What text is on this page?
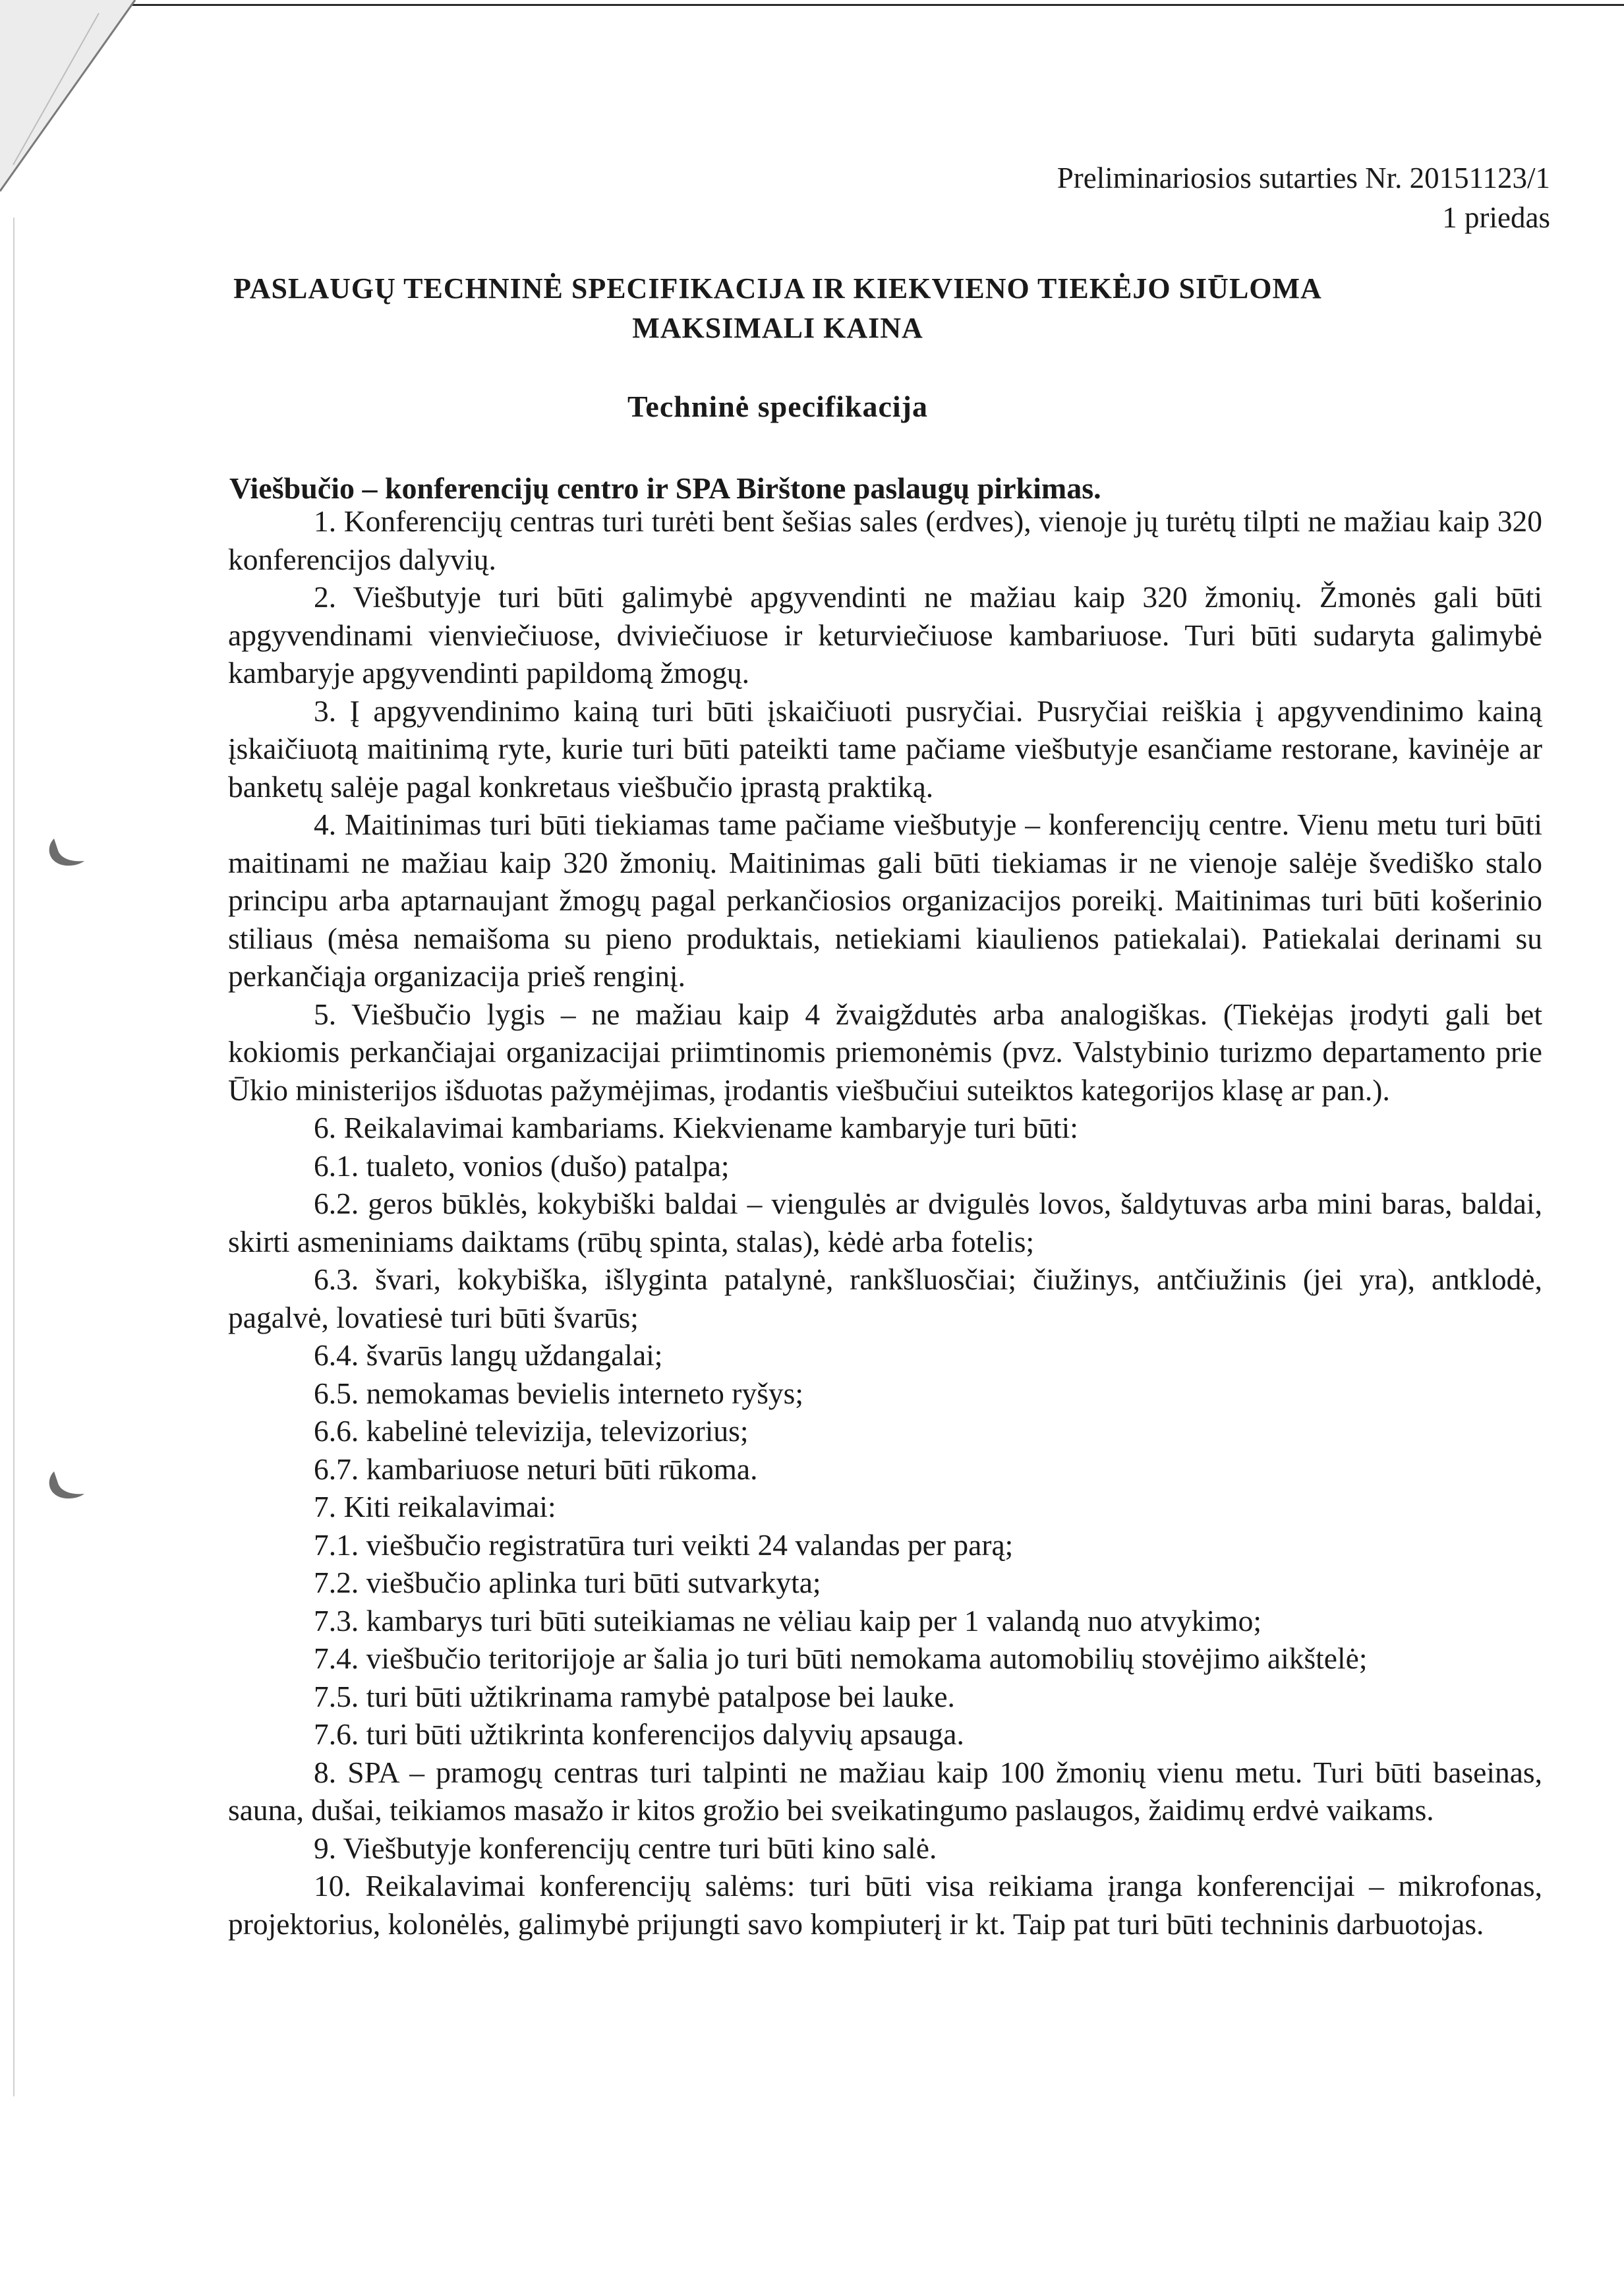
Preliminariosios sutarties Nr. 20151123/1
1 priedas
PASLAUGŲ TECHNINĖ SPECIFIKACIJA IR KIEKVIENO TIEKĖJO SIŪLOMA
MAKSIMALI KAINA
Techninė specifikacija
Viešbučio – konferencijų centro ir SPA Birštone paslaugų pirkimas.

1. Konferencijų centras turi turėti bent šešias sales (erdves), vienoje jų turėtų tilpti ne mažiau kaip 320 konferencijos dalyvių.

2. Viešbutyje turi būti galimybė apgyvendinti ne mažiau kaip 320 žmonių. Žmonės gali būti apgyvendinami vienviečiuose, dviviečiuose ir keturviečiuose kambariuose. Turi būti sudaryta galimybė kambaryje apgyvendinti papildomą žmogų.

3. Į apgyvendinimo kainą turi būti įskaičiuoti pusryčiai. Pusryčiai reiškia į apgyvendinimo kainą įskaičiuotą maitinimą ryte, kurie turi būti pateikti tame pačiame viešbutyje esančiame restorane, kavinėje ar banketų salėje pagal konkretaus viešbučio įprastą praktiką.

4. Maitinimas turi būti tiekiamas tame pačiame viešbutyje – konferencijų centre. Vienu metu turi būti maitinami ne mažiau kaip 320 žmonių. Maitinimas gali būti tiekiamas ir ne vienoje salėje švediško stalo principu arba aptarnaujant žmogų pagal perkančiosios organizacijos poreikį. Maitinimas turi būti košerinio stiliaus (mėsa nemaišoma su pieno produktais, netiekiami kiaulienos patiekalai). Patiekalai derinami su perkančiąja organizacija prieš renginį.

5. Viešbučio lygis – ne mažiau kaip 4 žvaigždutės arba analogiškas. (Tiekėjas įrodyti gali bet kokiomis perkančiajai organizacijai priimtinomis priemonėmis (pvz. Valstybinio turizmo departamento prie Ūkio ministerijos išduotas pažymėjimas, įrodantis viešbučiui suteiktos kategorijos klasę ar pan.).

6. Reikalavimai kambariams. Kiekviename kambaryje turi būti:

6.1. tualeto, vonios (dušo) patalpa;

6.2. geros būklės, kokybiški baldai – viengulės ar dvigulės lovos, šaldytuvas arba mini baras, baldai, skirti asmeniniams daiktams (rūbų spinta, stalas), kėdė arba fotelis;

6.3. švari, kokybiška, išlyginta patalynė, rankšluosčiai; čiužinys, antčiužinis (jei yra), antklodė, pagalvė, lovatiesė turi būti švarūs;

6.4. švarūs langų uždangalai;

6.5. nemokamas bevielis interneto ryšys;

6.6. kabelinė televizija, televizorius;

6.7. kambariuose neturi būti rūkoma.

7. Kiti reikalavimai:

7.1. viešbučio registratūra turi veikti 24 valandas per parą;

7.2. viešbučio aplinka turi būti sutvarkyta;

7.3. kambarys turi būti suteikiamas ne vėliau kaip per 1 valandą nuo atvykimo;

7.4. viešbučio teritorijoje ar šalia jo turi būti nemokama automobilių stovėjimo aikštelė;

7.5. turi būti užtikrinama ramybė patalpose bei lauke.

7.6. turi būti užtikrinta konferencijos dalyvių apsauga.

8. SPA – pramogų centras turi talpinti ne mažiau kaip 100 žmonių vienu metu. Turi būti baseinas, sauna, dušai, teikiamos masažo ir kitos grožio bei sveikatingumo paslaugos, žaidimų erdvė vaikams.

9. Viešbutyje konferencijų centre turi būti kino salė.

10. Reikalavimai konferencijų salėms: turi būti visa reikiama įranga konferencijai – mikrofonas, projektorius, kolonėlės, galimybė prijungti savo kompiuterį ir kt. Taip pat turi būti techninis darbuotojas.
